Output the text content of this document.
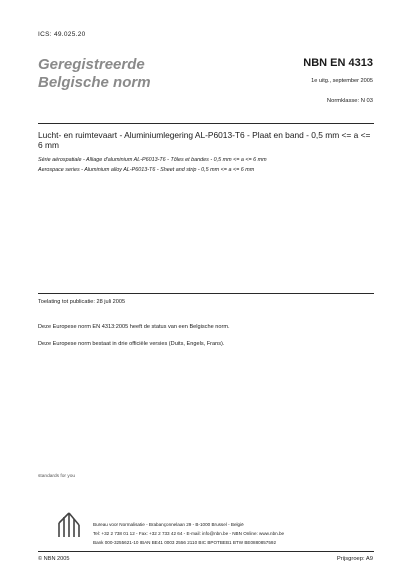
ICS: 49.025.20
Geregistreerde
Belgische norm
NBN EN 4313
1e uitg., september 2005
Normklasse: N 03
Lucht- en ruimtevaart - Aluminiumlegering AL-P6013-T6 - Plaat en band - 0,5 mm <= a <= 6 mm
Série aérospatiale - Alliage d'aluminium AL-P6013-T6 - Tôles et bandes - 0,5 mm <= a <= 6 mm
Aerospace series - Aluminium alloy AL-P6013-T6 - Sheet and strip - 0,5 mm <= a <= 6 mm
Toelating tot publicatie: 28 juli 2005
Deze Europese norm EN 4313:2005 heeft de status van een Belgische norm.
Deze Europese norm bestaat in drie officiële versies (Duits, Engels, Frans).
standards for you
Bureau voor Normalisatie - Brabançonnelaan 29 - B-1000 Brussel - België
Tel: +32 2 738 01 12 - Fax: +32 2 733 42 64 - E-mail: info@nbn.be - NBN Online: www.nbn.be
Bank 000-3255621-10 IBAN BE41 0003 2556 2110 BIC BPOTBEB1 BTW BE0880857592
© NBN 2005	Prijsgroep: A9
